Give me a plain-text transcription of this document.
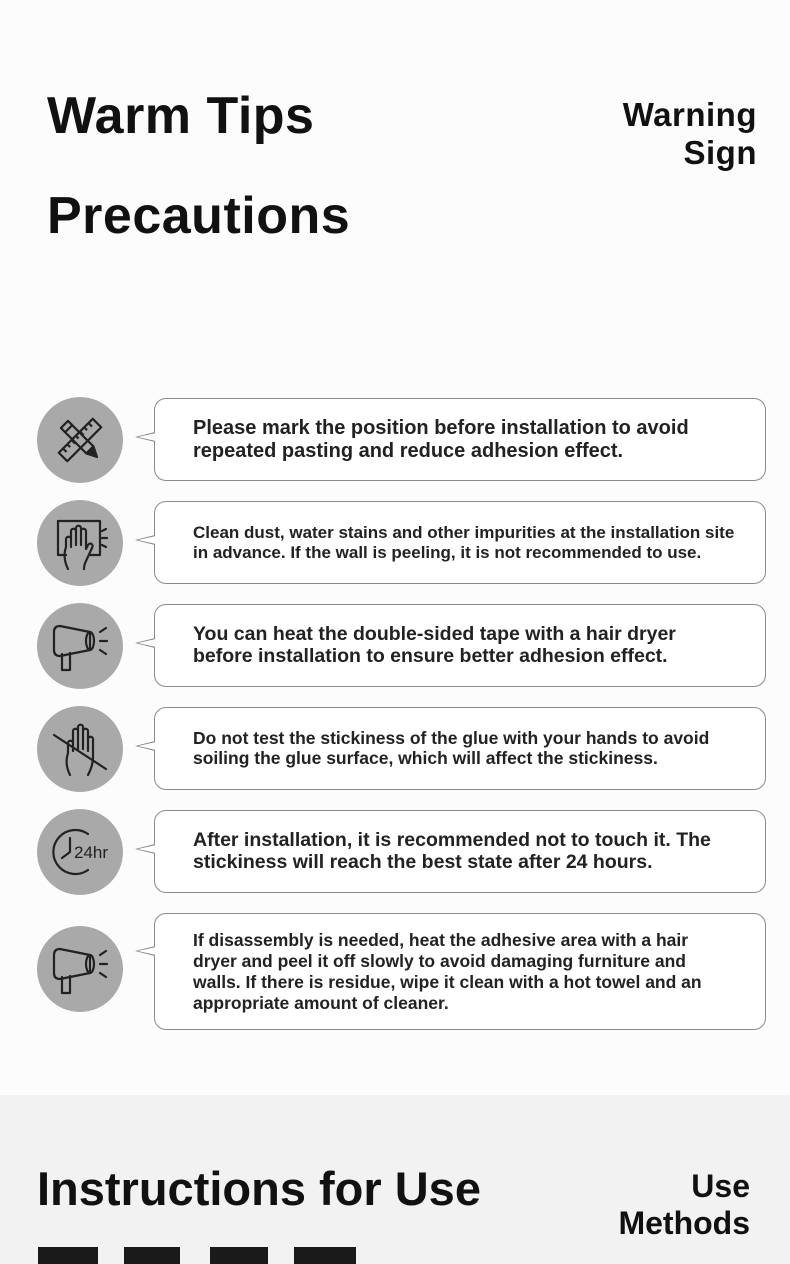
Warm Tips
Precautions
Warning
Sign
Please mark the position before installation to avoid repeated pasting and reduce adhesion effect.
Clean dust, water stains and other impurities at the installation site in advance. If the wall is peeling, it is not recommended to use.
You can heat the double-sided tape with a hair dryer before installation to ensure better adhesion effect.
Do not test the stickiness of the glue with your hands to avoid soiling the glue surface, which will affect the stickiness.
24hr
After installation, it is recommended not to touch it. The stickiness will reach the best state after 24 hours.
If disassembly is needed, heat the adhesive area with a hair dryer and peel it off slowly to avoid damaging furniture and walls. If there is residue, wipe it clean with a hot towel and an appropriate amount of cleaner.
Instructions for Use	Use
Methods
